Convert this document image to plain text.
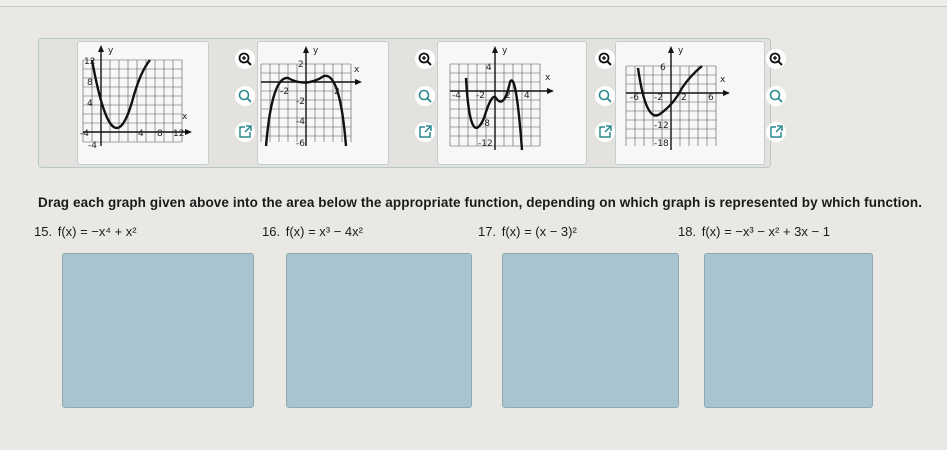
y
x
12
8
4
-4	4 8 12
-4
y
x
2
-2	2
-2
-4
-6
y
x
4
-4 -2 2 4
-8
-12
y
x
6
-6 -2 2 6
-12
-18
Drag each graph given above into the area below the appropriate function, depending on which graph is represented by which function.
15. f(x) = −x⁴ + x²	16. f(x) = x³ − 4x²	17. f(x) = (x − 3)²	18. f(x) = −x³ − x² + 3x − 1
